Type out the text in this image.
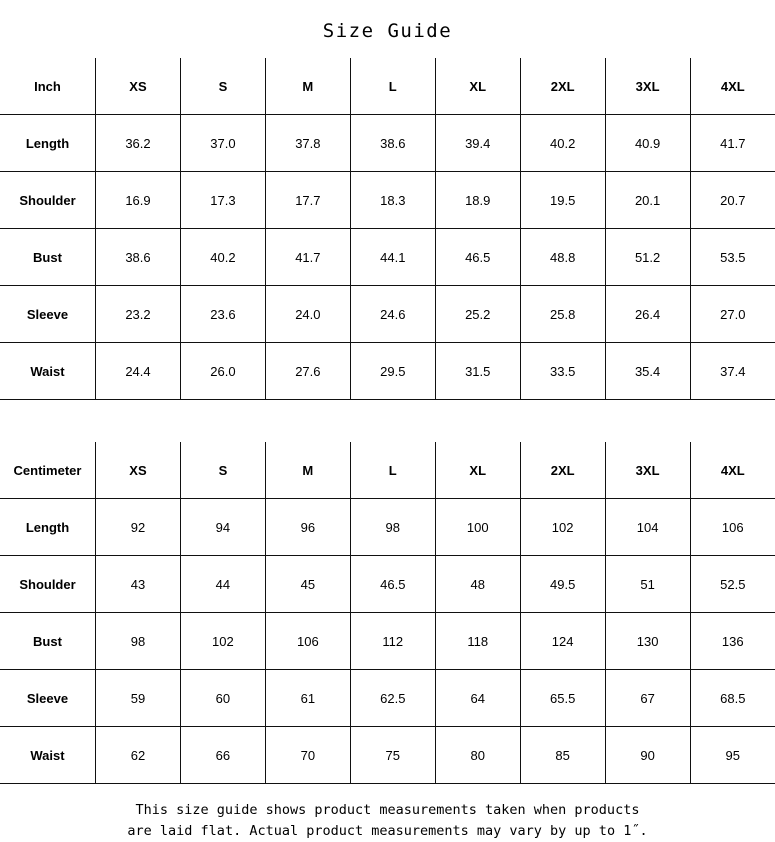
Size Guide
Inch	XS	S	M	L	XL	2XL	3XL	4XL
Length	36.2	37.0	37.8	38.6	39.4	40.2	40.9	41.7
Shoulder	16.9	17.3	17.7	18.3	18.9	19.5	20.1	20.7
Bust	38.6	40.2	41.7	44.1	46.5	48.8	51.2	53.5
Sleeve	23.2	23.6	24.0	24.6	25.2	25.8	26.4	27.0
Waist	24.4	26.0	27.6	29.5	31.5	33.5	35.4	37.4
Centimeter	XS	S	M	L	XL	2XL	3XL	4XL
Length	92	94	96	98	100	102	104	106
Shoulder	43	44	45	46.5	48	49.5	51	52.5
Bust	98	102	106	112	118	124	130	136
Sleeve	59	60	61	62.5	64	65.5	67	68.5
Waist	62	66	70	75	80	85	90	95
This size guide shows product measurements taken when products
are laid flat. Actual product measurements may vary by up to 1˝.
